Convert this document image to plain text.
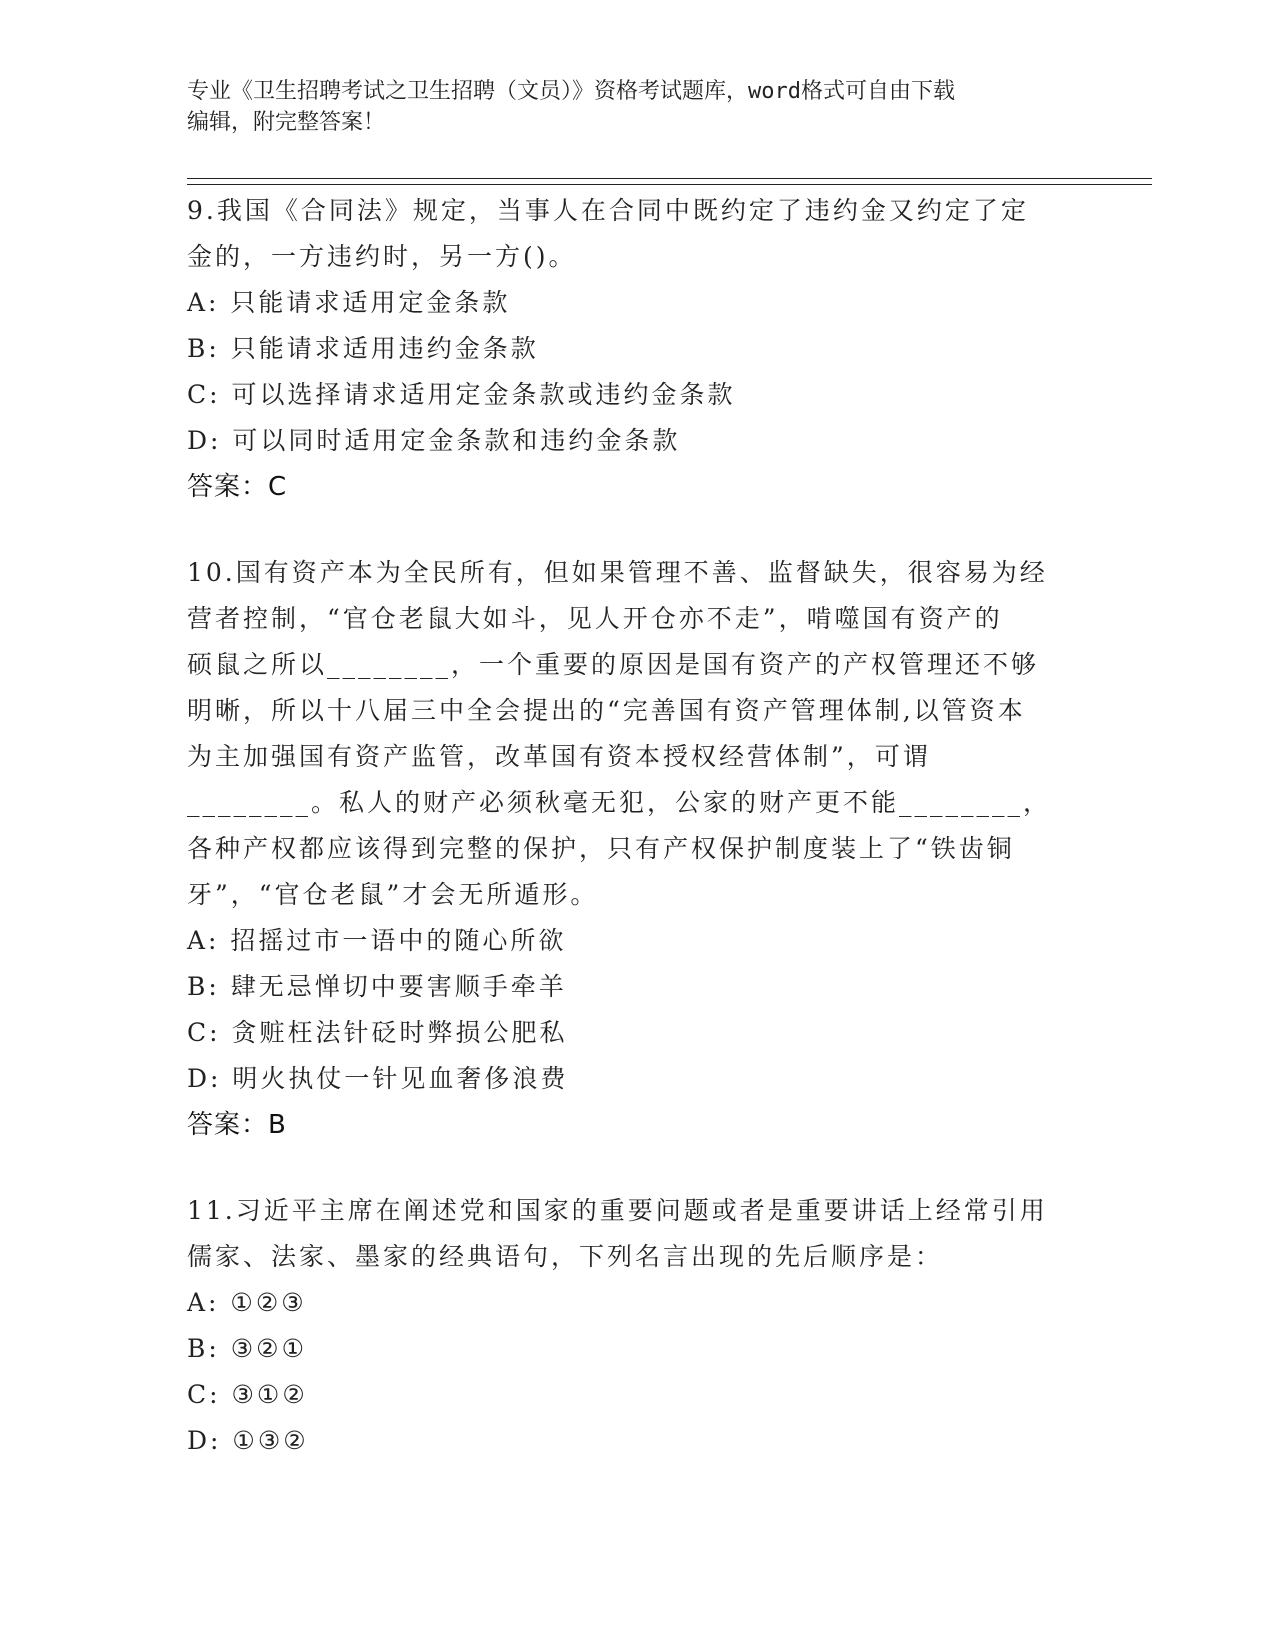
专业《卫生招聘考试之卫生招聘（文员）》资格考试题库，word格式可自由下载
编辑，附完整答案！
9.我国《合同法》规定，当事人在合同中既约定了违约金又约定了定
金的，一方违约时，另一方()。
A: 只能请求适用定金条款
B: 只能请求适用违约金条款
C: 可以选择请求适用定金条款或违约金条款
D: 可以同时适用定金条款和违约金条款
答案：C
10.国有资产本为全民所有，但如果管理不善、监督缺失，很容易为经
营者控制，“官仓老鼠大如斗，见人开仓亦不走”，啃噬国有资产的
硕鼠之所以________，一个重要的原因是国有资产的产权管理还不够
明晰，所以十八届三中全会提出的“完善国有资产管理体制,以管资本
为主加强国有资产监管，改革国有资本授权经营体制”，可谓
________。私人的财产必须秋毫无犯，公家的财产更不能________，
各种产权都应该得到完整的保护，只有产权保护制度装上了“铁齿铜
牙”，“官仓老鼠”才会无所遁形。
A: 招摇过市一语中的随心所欲
B: 肆无忌惮切中要害顺手牵羊
C: 贪赃枉法针砭时弊损公肥私
D: 明火执仗一针见血奢侈浪费
答案：B
11.习近平主席在阐述党和国家的重要问题或者是重要讲话上经常引用
儒家、法家、墨家的经典语句，下列名言出现的先后顺序是：
A: ①②③
B: ③②①
C: ③①②
D: ①③②
